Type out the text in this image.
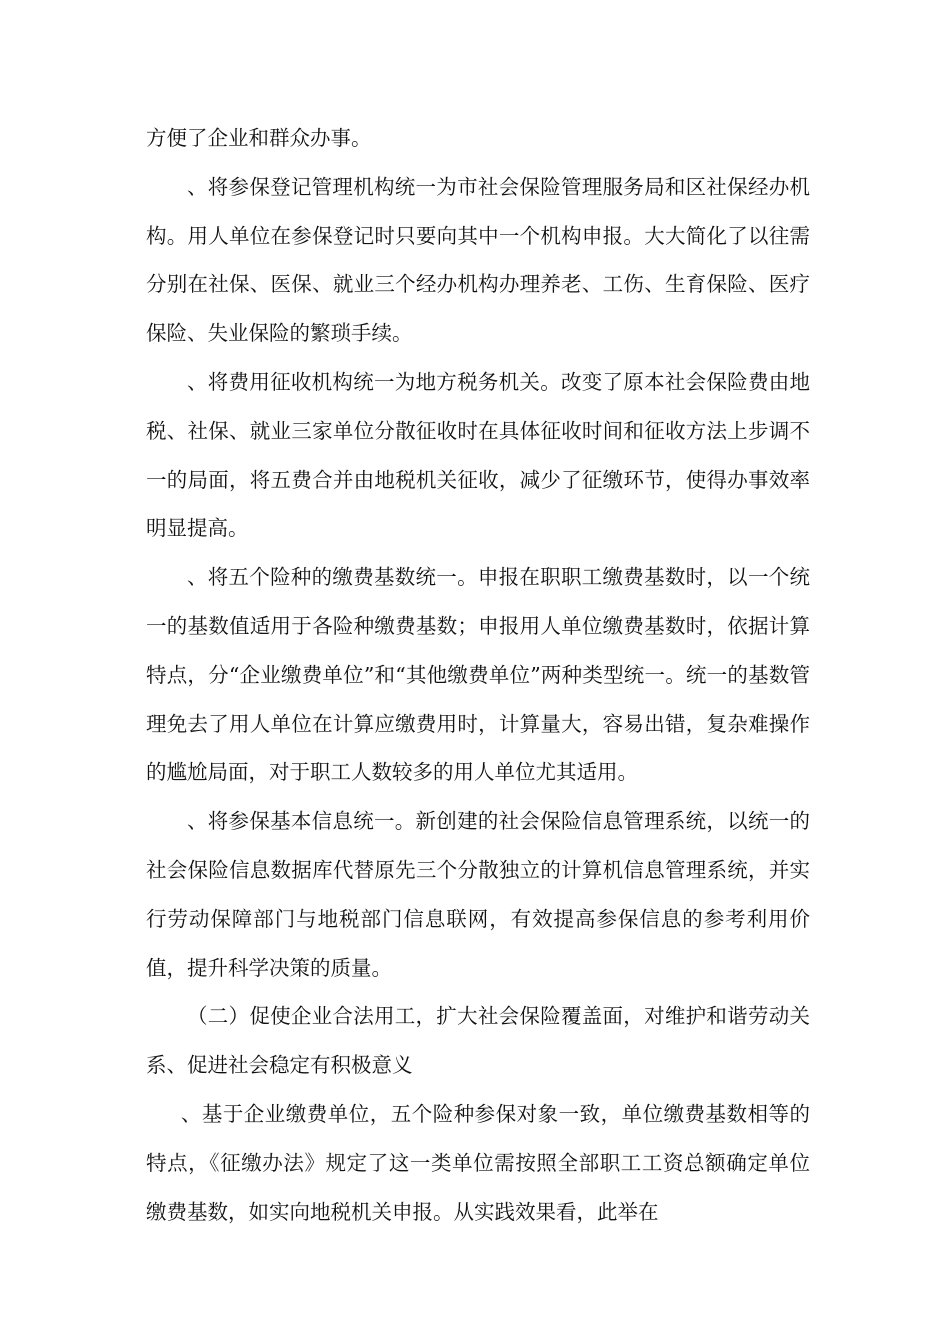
方便了企业和群众办事。

、将参保登记管理机构统一为市社会保险管理服务局和区社保经办机构。用人单位在参保登记时只要向其中一个机构申报。大大简化了以往需分别在社保、医保、就业三个经办机构办理养老、工伤、生育保险、医疗保险、失业保险的繁琐手续。

、将费用征收机构统一为地方税务机关。改变了原本社会保险费由地税、社保、就业三家单位分散征收时在具体征收时间和征收方法上步调不一的局面，将五费合并由地税机关征收，减少了征缴环节，使得办事效率明显提高。

、将五个险种的缴费基数统一。申报在职职工缴费基数时，以一个统一的基数值适用于各险种缴费基数；申报用人单位缴费基数时，依据计算特点，分“企业缴费单位”和“其他缴费单位”两种类型统一。统一的基数管理免去了用人单位在计算应缴费用时，计算量大，容易出错，复杂难操作的尴尬局面，对于职工人数较多的用人单位尤其适用。

、将参保基本信息统一。新创建的社会保险信息管理系统，以统一的社会保险信息数据库代替原先三个分散独立的计算机信息管理系统，并实行劳动保障部门与地税部门信息联网，有效提高参保信息的参考利用价值，提升科学决策的质量。

（二）促使企业合法用工，扩大社会保险覆盖面，对维护和谐劳动关系、促进社会稳定有积极意义

、基于企业缴费单位，五个险种参保对象一致，单位缴费基数相等的特点，《征缴办法》规定了这一类单位需按照全部职工工资总额确定单位缴费基数，如实向地税机关申报。从实践效果看，此举在
